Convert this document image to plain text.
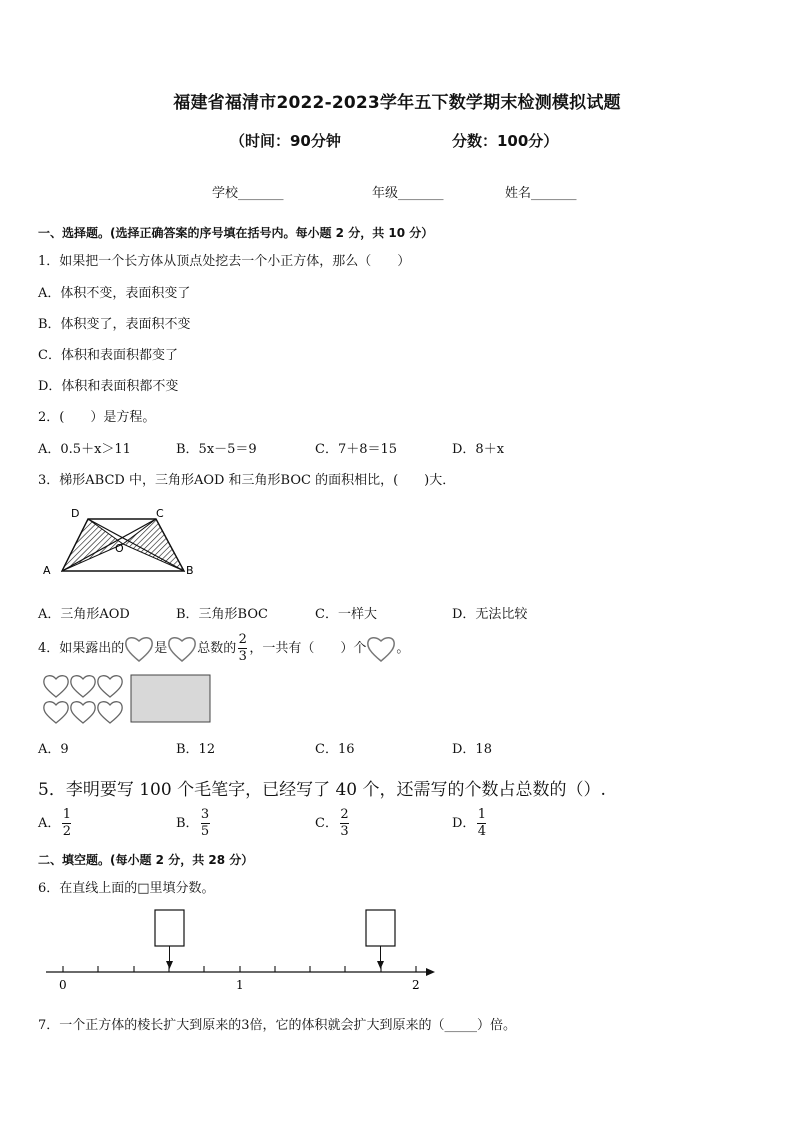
福建省福清市2022-2023学年五下数学期末检测模拟试题
（时间：90分钟	分数：100分）
学校_______	年级_______	姓名_______
一、选择题。(选择正确答案的序号填在括号内。每小题 2 分，共 10 分）
1．如果把一个长方体从顶点处挖去一个小正方体，那么（　　）
A．体积不变，表面积变了
B．体积变了，表面积不变
C．体积和表面积都变了
D．体积和表面积都不变
2．(　　）是方程。
A．0.5＋x＞11	B．5x－5＝9	C．7＋8＝15	D．8＋x
3．梯形ABCD 中，三角形AOD 和三角形BOC 的面积相比，(　　)大．
D	C
O
A	B
A．三角形AOD	B．三角形BOC	C．一样大	D．无法比较
4．如果露出的 是 总数的 $\frac{2}{3}$ ，一共有（　　）个 。
A．9	B．12	C．16	D．18
5．李明要写 100 个毛笔字，已经写了 40 个，还需写的个数占总数的（）.
A． $\frac{1}{2}$	B． $\frac{3}{5}$	C． $\frac{2}{3}$	D． $\frac{1}{4}$
二、填空题。(每小题 2 分，共 28 分）
6．在直线上面的□里填分数。
0	1	2
7．一个正方体的棱长扩大到原来的3倍，它的体积就会扩大到原来的（_____）倍。
